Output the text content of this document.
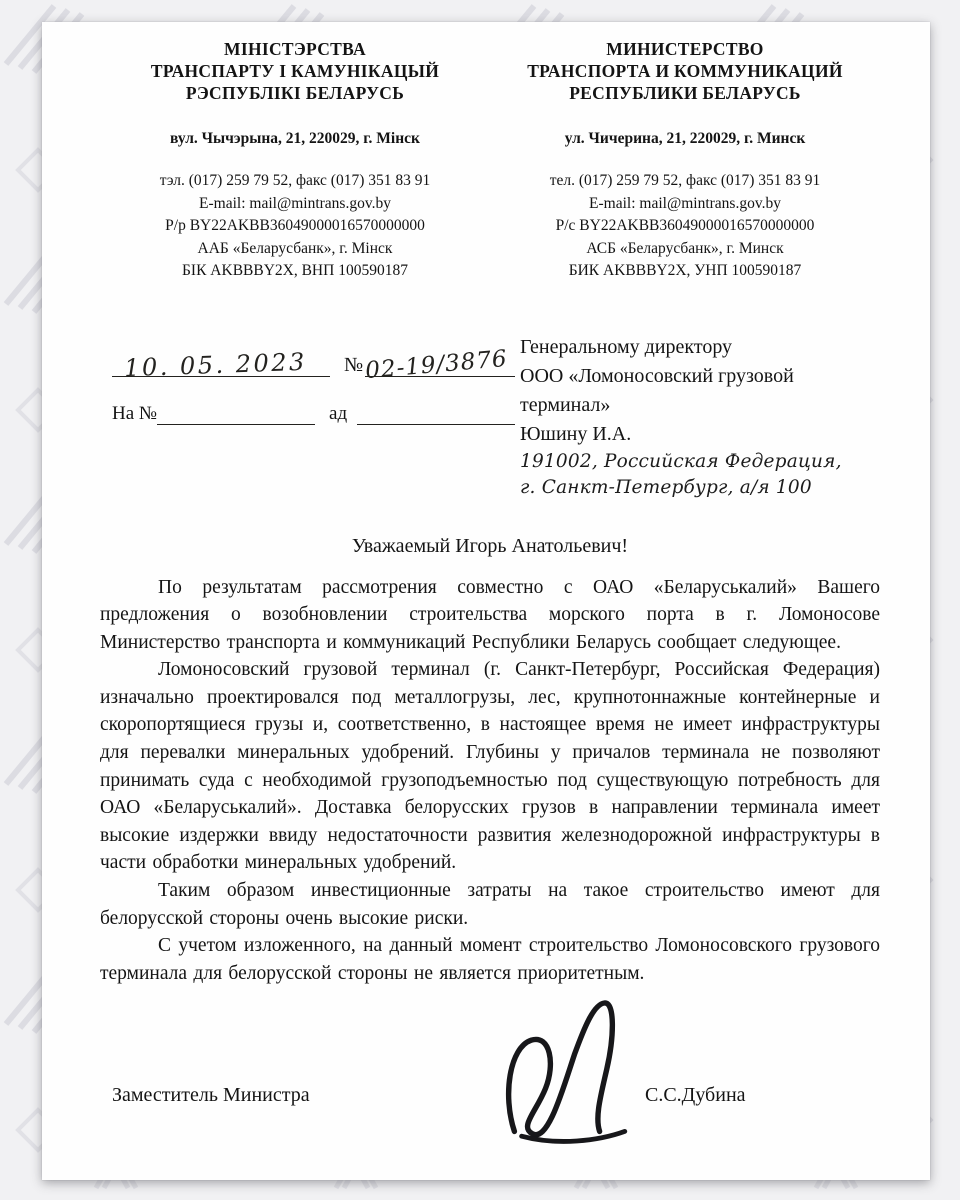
МІНІСТЭРСТВА
ТРАНСПАРТУ І КАМУНІКАЦЫЙ
РЭСПУБЛІКІ БЕЛАРУСЬ
вул. Чычэрына, 21, 220029, г. Мінск
тэл. (017) 259 79 52, факс (017) 351 83 91
E-mail: mail@mintrans.gov.by
Р/р BY22AKBB36049000016570000000
ААБ «Беларусбанк», г. Мінск
БІК AKBBBY2X, ВНП 100590187
МИНИСТЕРСТВО
ТРАНСПОРТА И КОММУНИКАЦИЙ
РЕСПУБЛИКИ БЕЛАРУСЬ
ул. Чичерина, 21, 220029, г. Минск
тел. (017) 259 79 52, факс (017) 351 83 91
E-mail: mail@mintrans.gov.by
Р/с BY22AKBB36049000016570000000
АСБ «Беларусбанк», г. Минск
БИК AKBBBY2X, УНП 100590187
10. 05. 2023	№ 02-19/3876
На №	ад
Генеральному директору
ООО «Ломоносовский грузовой
терминал»
Юшину И.А.
191002, Российская Федерация,
г. Санкт-Петербург, а/я 100
Уважаемый Игорь Анатольевич!

По результатам рассмотрения совместно с ОАО «Беларуськалий» Вашего предложения о возобновлении строительства морского порта в г. Ломоносове Министерство транспорта и коммуникаций Республики Беларусь сообщает следующее.

Ломоносовский грузовой терминал (г. Санкт-Петербург, Российская Федерация) изначально проектировался под металлогрузы, лес, крупнотоннажные контейнерные и скоропортящиеся грузы и, соответственно, в настоящее время не имеет инфраструктуры для перевалки минеральных удобрений. Глубины у причалов терминала не позволяют принимать суда с необходимой грузоподъемностью под существующую потребность для ОАО «Беларуськалий». Доставка белорусских грузов в направлении терминала имеет высокие издержки ввиду недостаточности развития железнодорожной инфраструктуры в части обработки минеральных удобрений.

Таким образом инвестиционные затраты на такое строительство имеют для белорусской стороны очень высокие риски.

С учетом изложенного, на данный момент строительство Ломоносовского грузового терминала для белорусской стороны не является приоритетным.

Заместитель Министра	С.С.Дубина
